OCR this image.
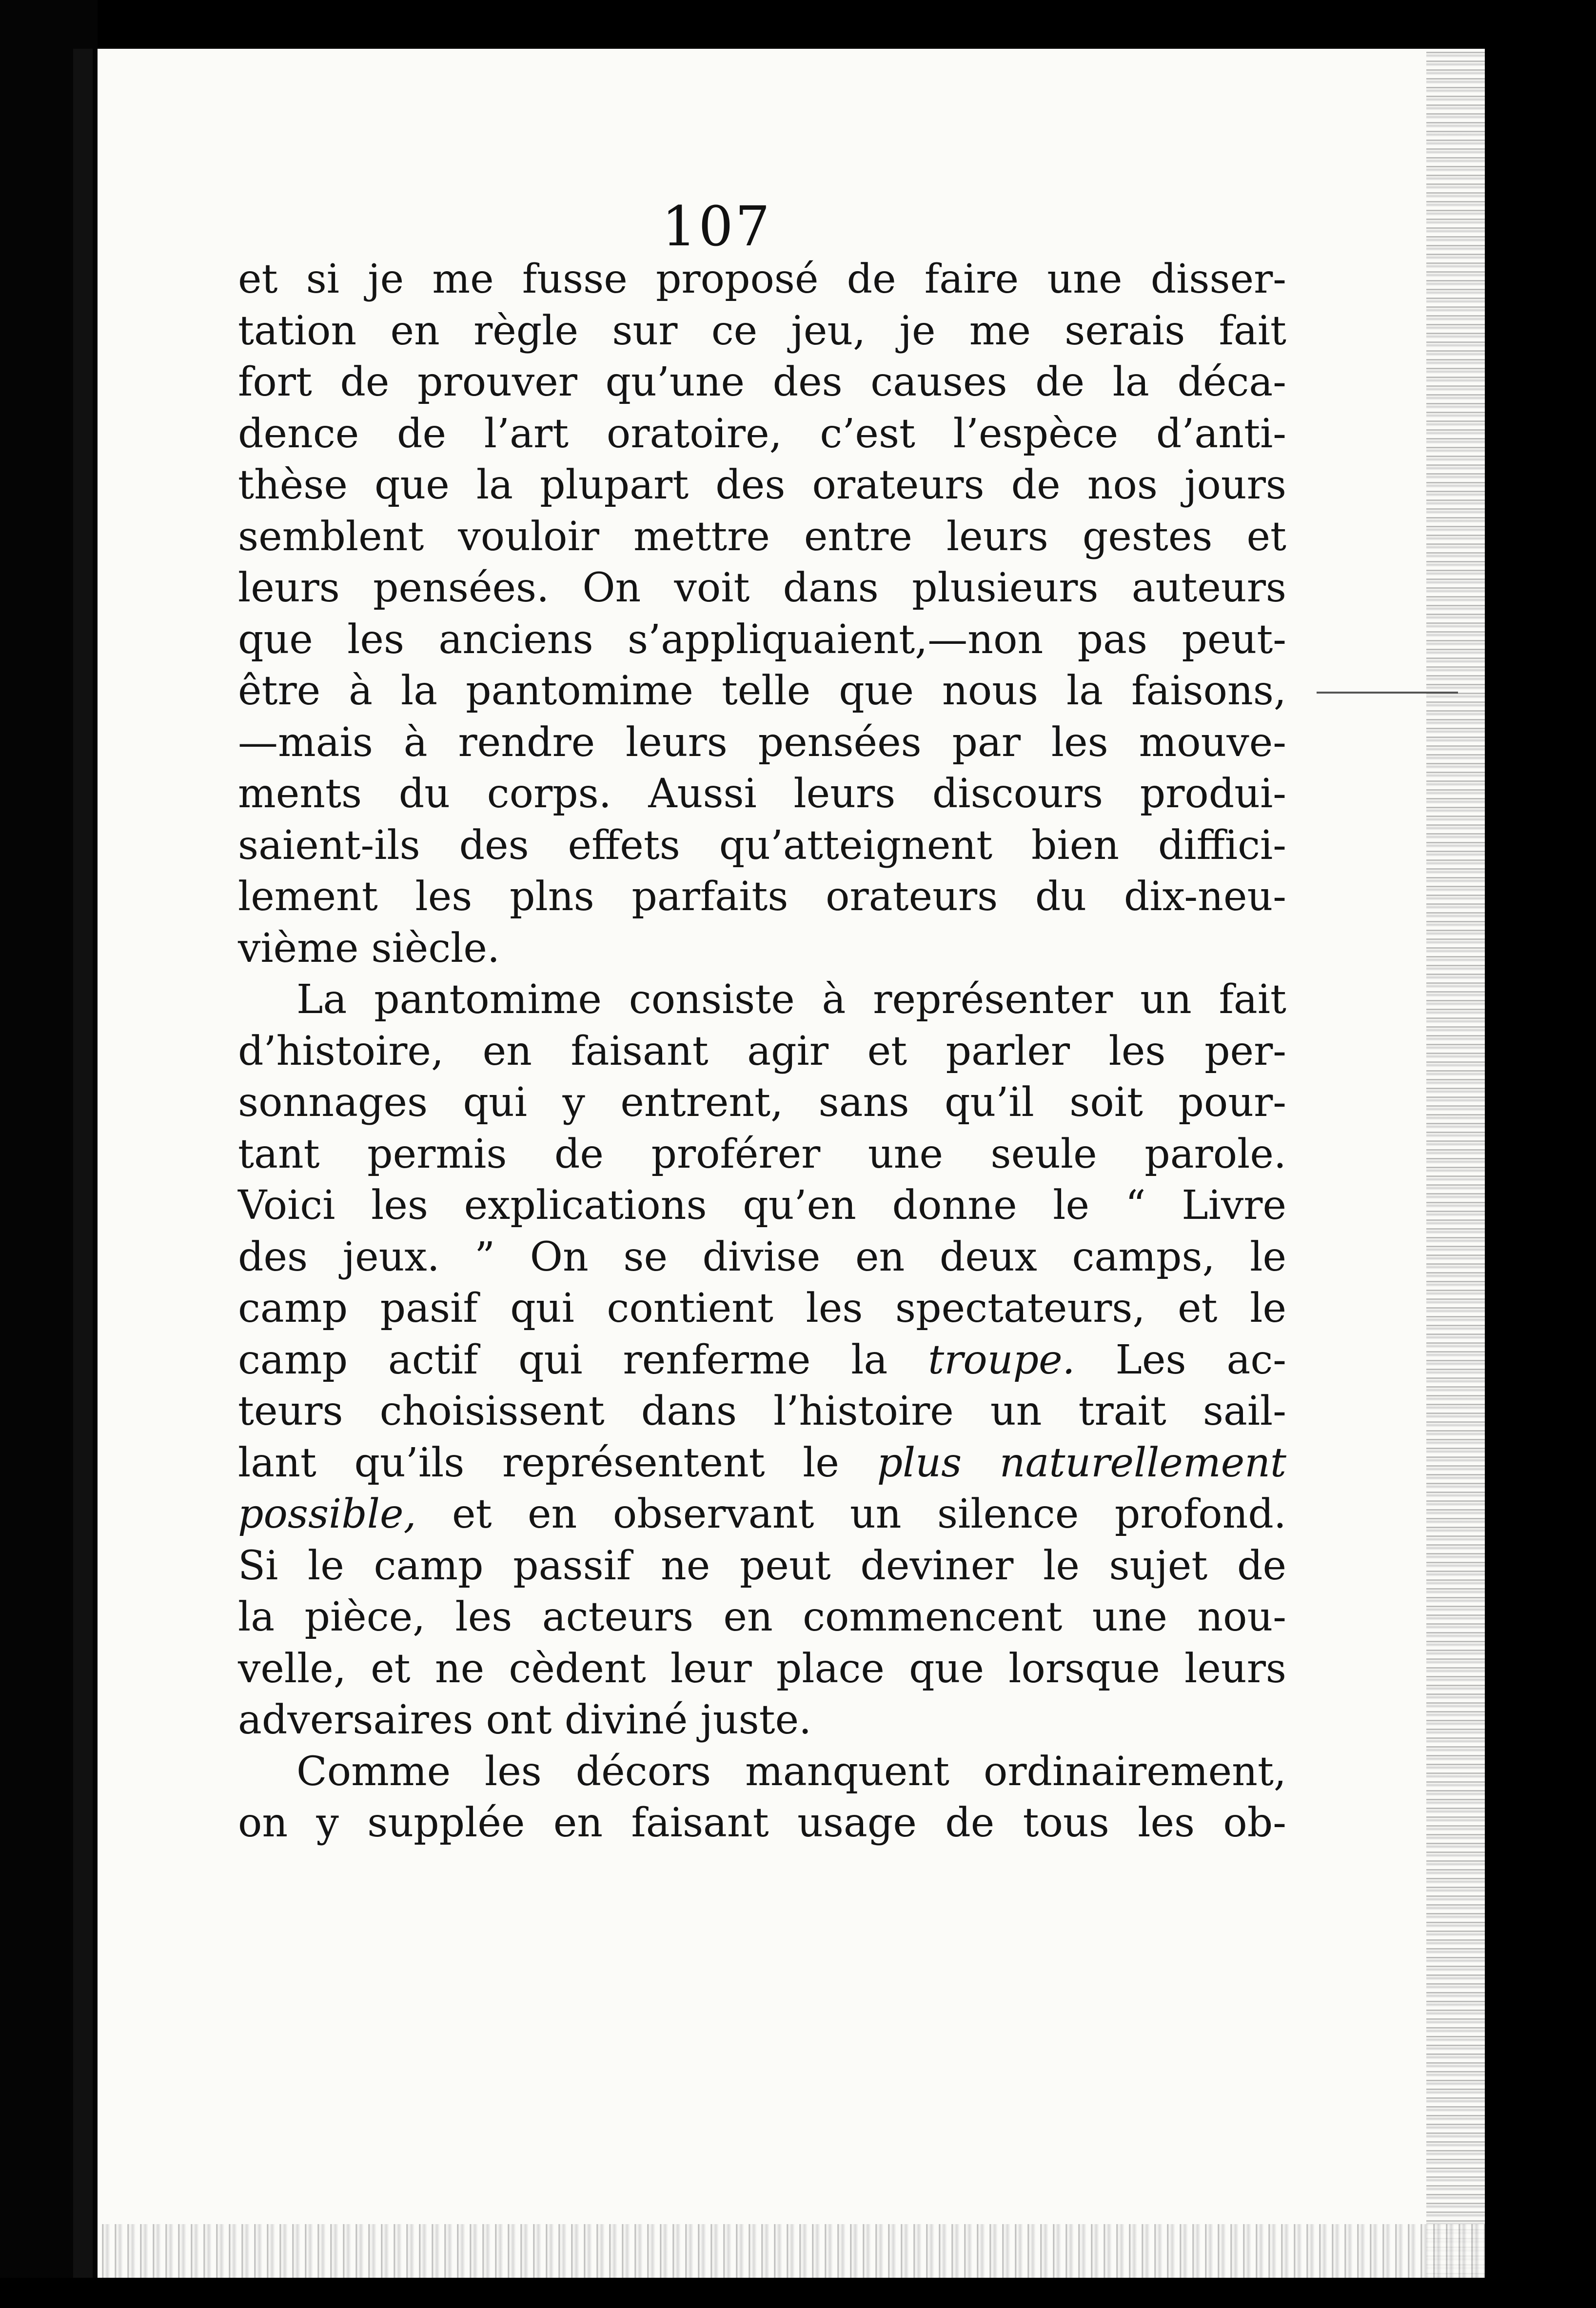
107
et si je me fusse proposé de faire une disser-
tation en règle sur ce jeu, je me serais fait
fort de prouver qu’une des causes de la déca-
dence de l’art oratoire, c’est l’espèce d’anti-
thèse que la plupart des orateurs de nos jours
semblent vouloir mettre entre leurs gestes et
leurs pensées. On voit dans plusieurs auteurs
que les anciens s’appliquaient,—non pas peut-
être à la pantomime telle que nous la faisons,
—mais à rendre leurs pensées par les mouve-
ments du corps. Aussi leurs discours produi-
saient-ils des effets qu’atteignent bien diffici-
lement les plns parfaits orateurs du dix-neu-
vième siècle.
La pantomime consiste à représenter un fait
d’histoire, en faisant agir et parler les per-
sonnages qui y entrent, sans qu’il soit pour-
tant permis de proférer une seule parole.
Voici les explications qu’en donne le “ Livre
des jeux. ” On se divise en deux camps, le
camp pasif qui contient les spectateurs, et le
camp actif qui renferme la troupe. Les ac-
teurs choisissent dans l’histoire un trait sail-
lant qu’ils représentent le plus naturellement
possible, et en observant un silence profond.
Si le camp passif ne peut deviner le sujet de
la pièce, les acteurs en commencent une nou-
velle, et ne cèdent leur place que lorsque leurs
adversaires ont diviné juste.
Comme les décors manquent ordinairement,
on y supplée en faisant usage de tous les ob-
